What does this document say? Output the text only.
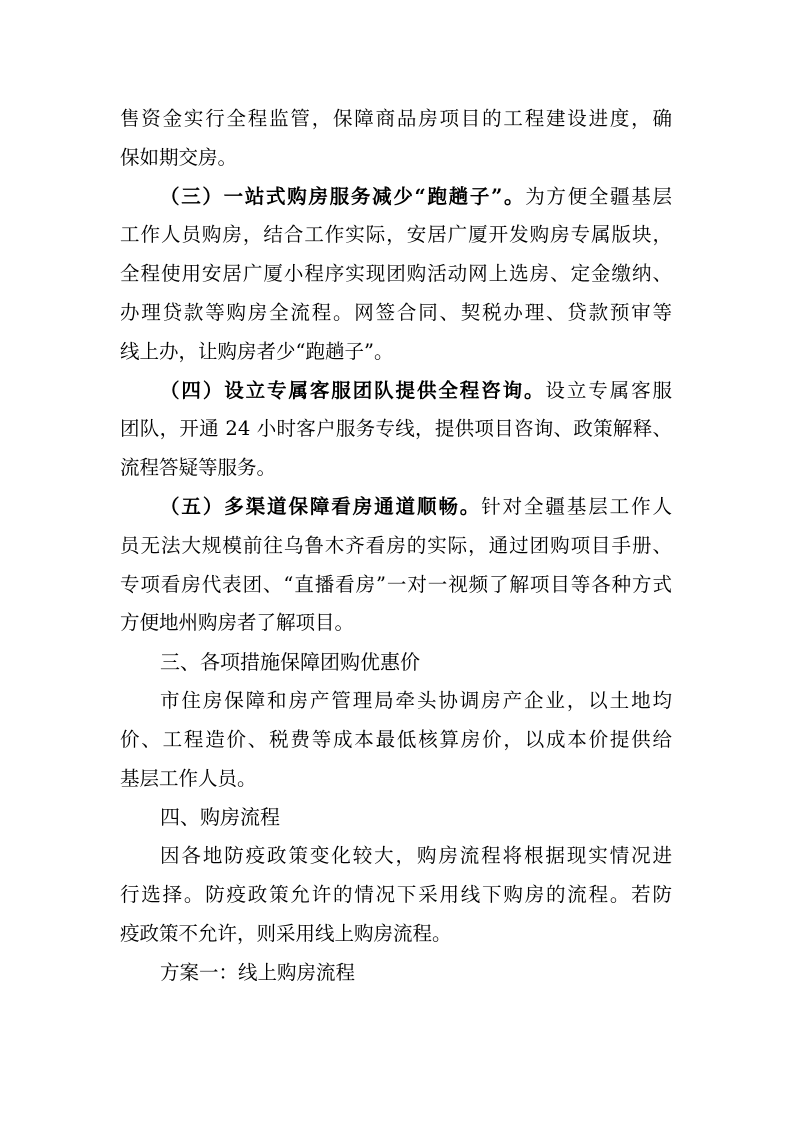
售资金实行全程监管，保障商品房项目的工程建设进度，确
保如期交房。
（三）一站式购房服务减少“跑趟子”。为方便全疆基层
工作人员购房，结合工作实际，安居广厦开发购房专属版块，
全程使用安居广厦小程序实现团购活动网上选房、定金缴纳、
办理贷款等购房全流程。网签合同、契税办理、贷款预审等
线上办，让购房者少“跑趟子”。
（四）设立专属客服团队提供全程咨询。设立专属客服
团队，开通 24 小时客户服务专线，提供项目咨询、政策解释、
流程答疑等服务。
（五）多渠道保障看房通道顺畅。针对全疆基层工作人
员无法大规模前往乌鲁木齐看房的实际，通过团购项目手册、
专项看房代表团、“直播看房”一对一视频了解项目等各种方式
方便地州购房者了解项目。
三、各项措施保障团购优惠价
市住房保障和房产管理局牵头协调房产企业，以土地均
价、工程造价、税费等成本最低核算房价，以成本价提供给
基层工作人员。
四、购房流程
因各地防疫政策变化较大，购房流程将根据现实情况进
行选择。防疫政策允许的情况下采用线下购房的流程。若防
疫政策不允许，则采用线上购房流程。
方案一：线上购房流程
